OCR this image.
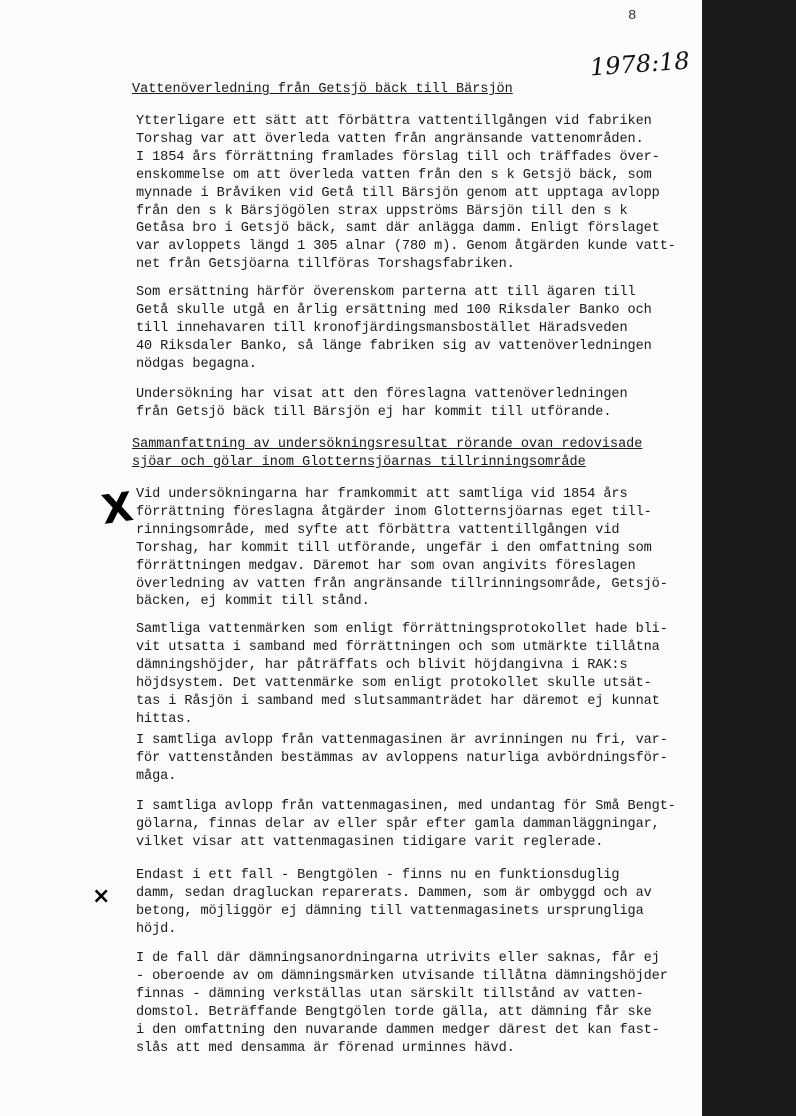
8
1978:18
Vattenöverledning från Getsjö bäck till Bärsjön
Ytterligare ett sätt att förbättra vattentillgången vid fabriken
Torshag var att överleda vatten från angränsande vattenområden.
I 1854 års förrättning framlades förslag till och träffades över-
enskommelse om att överleda vatten från den s k Getsjö bäck, som
mynnade i Bråviken vid Getå till Bärsjön genom att upptaga avlopp
från den s k Bärsjögölen strax uppströms Bärsjön till den s k
Getåsa bro i Getsjö bäck, samt där anlägga damm. Enligt förslaget
var avloppets längd 1 305 alnar (780 m). Genom åtgärden kunde vatt-
net från Getsjöarna tillföras Torshagsfabriken.
Som ersättning härför överenskom parterna att till ägaren till
Getå skulle utgå en årlig ersättning med 100 Riksdaler Banko och
till innehavaren till kronofjärdingsmansbostället Häradsveden
40 Riksdaler Banko, så länge fabriken sig av vattenöverledningen
nödgas begagna.
Undersökning har visat att den föreslagna vattenöverledningen
från Getsjö bäck till Bärsjön ej har kommit till utförande.
Sammanfattning av undersökningsresultat rörande ovan redovisade
sjöar och gölar inom Glotternsjöarnas tillrinningsområde
Vid undersökningarna har framkommit att samtliga vid 1854 års
förrättning föreslagna åtgärder inom Glotternsjöarnas eget till-
rinningsområde, med syfte att förbättra vattentillgången vid
Torshag, har kommit till utförande, ungefär i den omfattning som
förrättningen medgav. Däremot har som ovan angivits föreslagen
överledning av vatten från angränsande tillrinningsområde, Getsjö-
bäcken, ej kommit till stånd.
Samtliga vattenmärken som enligt förrättningsprotokollet hade bli-
vit utsatta i samband med förrättningen och som utmärkte tillåtna
dämningshöjder, har påträffats och blivit höjdangivna i RAK:s
höjdsystem. Det vattenmärke som enligt protokollet skulle utsät-
tas i Råsjön i samband med slutsammanträdet har däremot ej kunnat
hittas.
I samtliga avlopp från vattenmagasinen är avrinningen nu fri, var-
för vattenstånden bestämmas av avloppens naturliga avbördningsför-
måga.
I samtliga avlopp från vattenmagasinen, med undantag för Små Bengt-
gölarna, finnas delar av eller spår efter gamla dammanläggningar,
vilket visar att vattenmagasinen tidigare varit reglerade.
Endast i ett fall - Bengtgölen - finns nu en funktionsduglig
damm, sedan dragluckan reparerats. Dammen, som är ombyggd och av
betong, möjliggör ej dämning till vattenmagasinets ursprungliga
höjd.
I de fall där dämningsanordningarna utrivits eller saknas, får ej
- oberoende av om dämningsmärken utvisande tillåtna dämningshöjder
finnas - dämning verkställas utan särskilt tillstånd av vatten-
domstol. Beträffande Bengtgölen torde gälla, att dämning får ske
i den omfattning den nuvarande dammen medger därest det kan fast-
slås att med densamma är förenad urminnes hävd.
X
×
